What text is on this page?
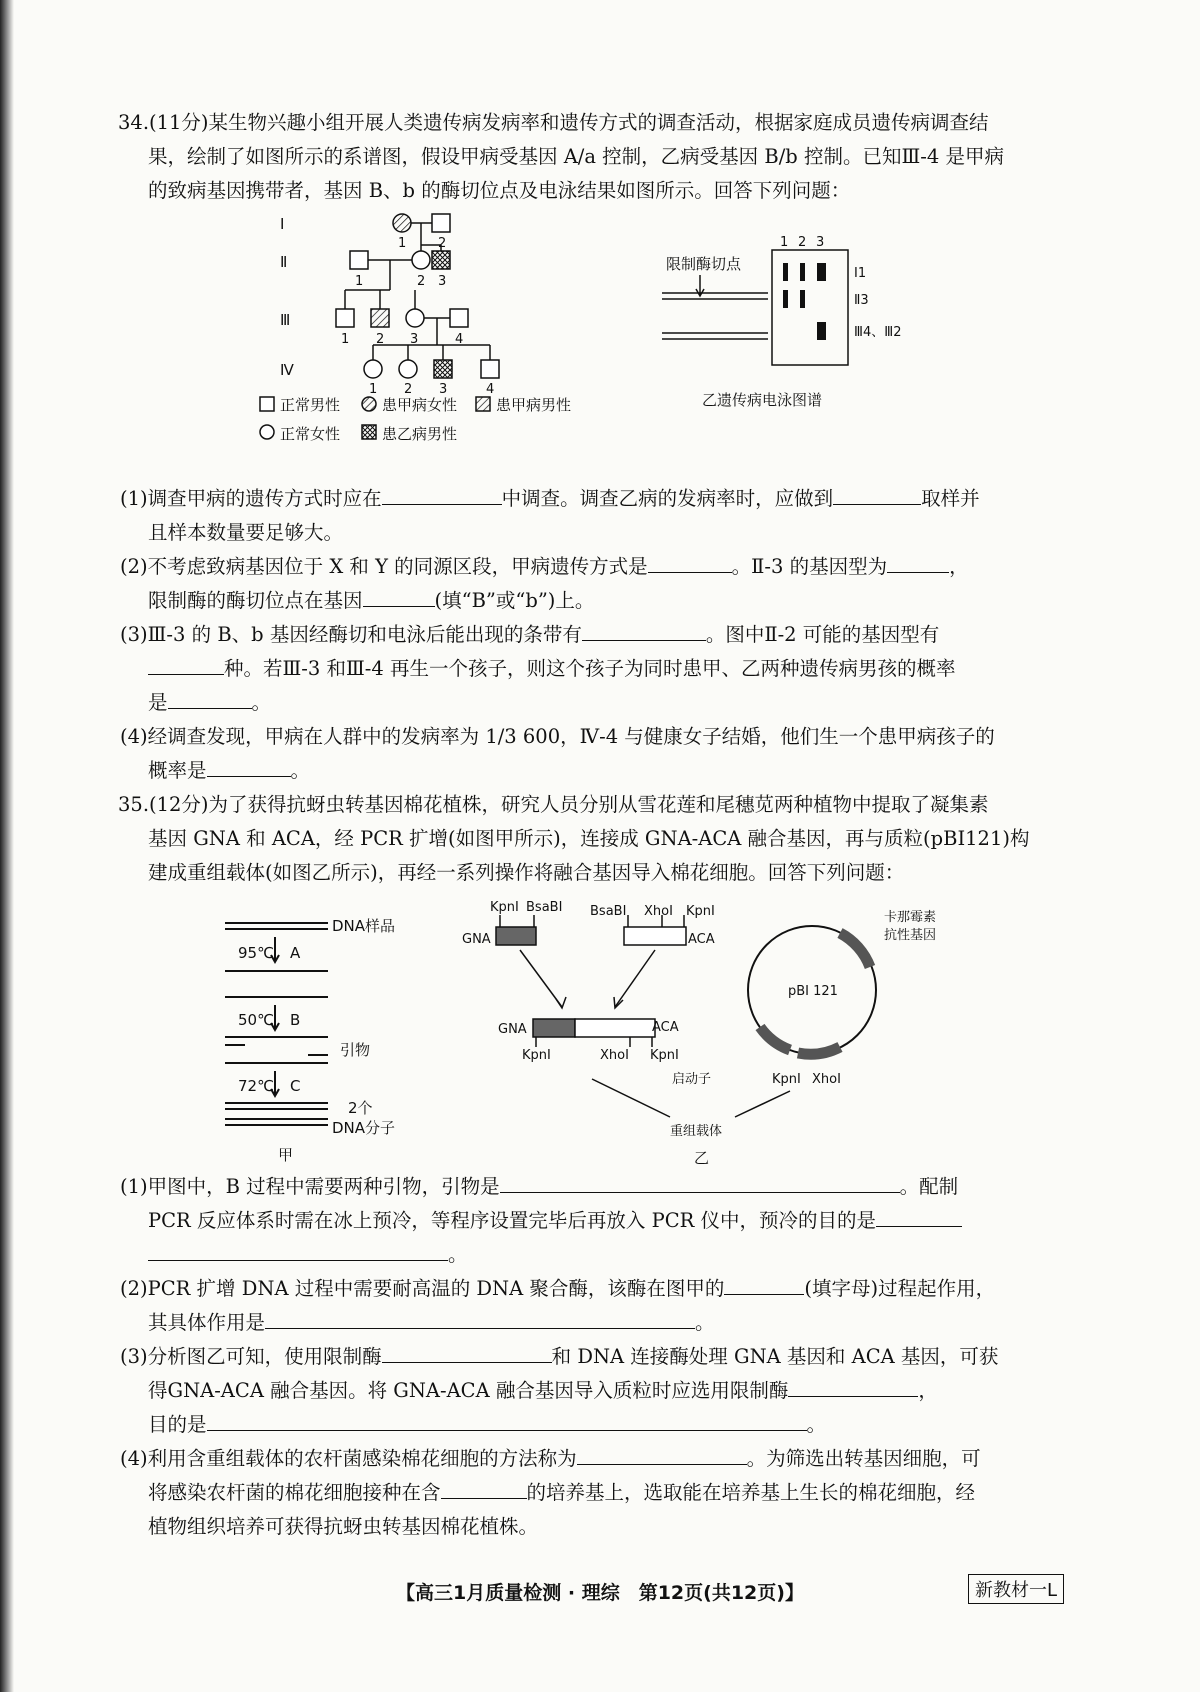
34.(11分)某生物兴趣小组开展人类遗传病发病率和遗传方式的调查活动，根据家庭成员遗传病调查结

果，绘制了如图所示的系谱图，假设甲病受基因 A/a 控制，乙病受基因 B/b 控制。已知Ⅲ-4 是甲病

的致病基因携带者，基因 B、b 的酶切位点及电泳结果如图所示。回答下列问题：

Ⅰ
Ⅱ
Ⅲ
Ⅳ
1 2
1	2 3
1 2 3	4
1 2 3	4
正常男性	患甲病女性	患甲病男性
正常女性	患乙病男性
1 2 3
限制酶切点
Ⅰ1
Ⅱ3
Ⅲ4、Ⅲ2
乙遗传病电泳图谱

(1)调查甲病的遗传方式时应在	中调查。调查乙病的发病率时，应做到	取样并
且样本数量要足够大。

(2)不考虑致病基因位于 X 和 Y 的同源区段，甲病遗传方式是	。Ⅱ-3 的基因型为	，
限制酶的酶切位点在基因	(填“B”或“b”)上。

(3)Ⅲ-3 的 B、b 基因经酶切和电泳后能出现的条带有	。图中Ⅱ-2 可能的基因型有
种。若Ⅲ-3 和Ⅲ-4 再生一个孩子，则这个孩子为同时患甲、乙两种遗传病男孩的概率
是	。

(4)经调查发现，甲病在人群中的发病率为 1/3 600，Ⅳ-4 与健康女子结婚，他们生一个患甲病孩子的
概率是	。

35.(12分)为了获得抗蚜虫转基因棉花植株，研究人员分别从雪花莲和尾穗苋两种植物中提取了凝集素

基因 GNA 和 ACA，经 PCR 扩增(如图甲所示)，连接成 GNA-ACA 融合基因，再与质粒(pBI121)构

建成重组载体(如图乙所示)，再经一系列操作将融合基因导入棉花细胞。回答下列问题：

DNA样品
95℃ A
50℃ B
引物
72℃ C
2个
DNA分子
甲
GNA
KpnⅠ BsaBⅠ BsaBⅠ XhoⅠ KpnⅠ
ACA
GNA	ACA
KpnⅠ	XhoⅠ KpnⅠ
卡那霉素
抗性基因
pBI 121
启动子	KpnⅠ XhoⅠ
重组载体
乙

(1)甲图中，B 过程中需要两种引物，引物是	。配制
PCR 反应体系时需在冰上预冷，等程序设置完毕后再放入 PCR 仪中，预冷的目的是
。

(2)PCR 扩增 DNA 过程中需要耐高温的 DNA 聚合酶，该酶在图甲的	(填字母)过程起作用，
其具体作用是	。

(3)分析图乙可知，使用限制酶	和 DNA 连接酶处理 GNA 基因和 ACA 基因，可获
得GNA-ACA 融合基因。将 GNA-ACA 融合基因导入质粒时应选用限制酶	，
目的是	。

(4)利用含重组载体的农杆菌感染棉花细胞的方法称为	。为筛选出转基因细胞，可
将感染农杆菌的棉花细胞接种在含	的培养基上，选取能在培养基上生长的棉花细胞，经
植物组织培养可获得抗蚜虫转基因棉花植株。

【高三1月质量检测 · 理综　第12页(共12页)】	新教材一L
